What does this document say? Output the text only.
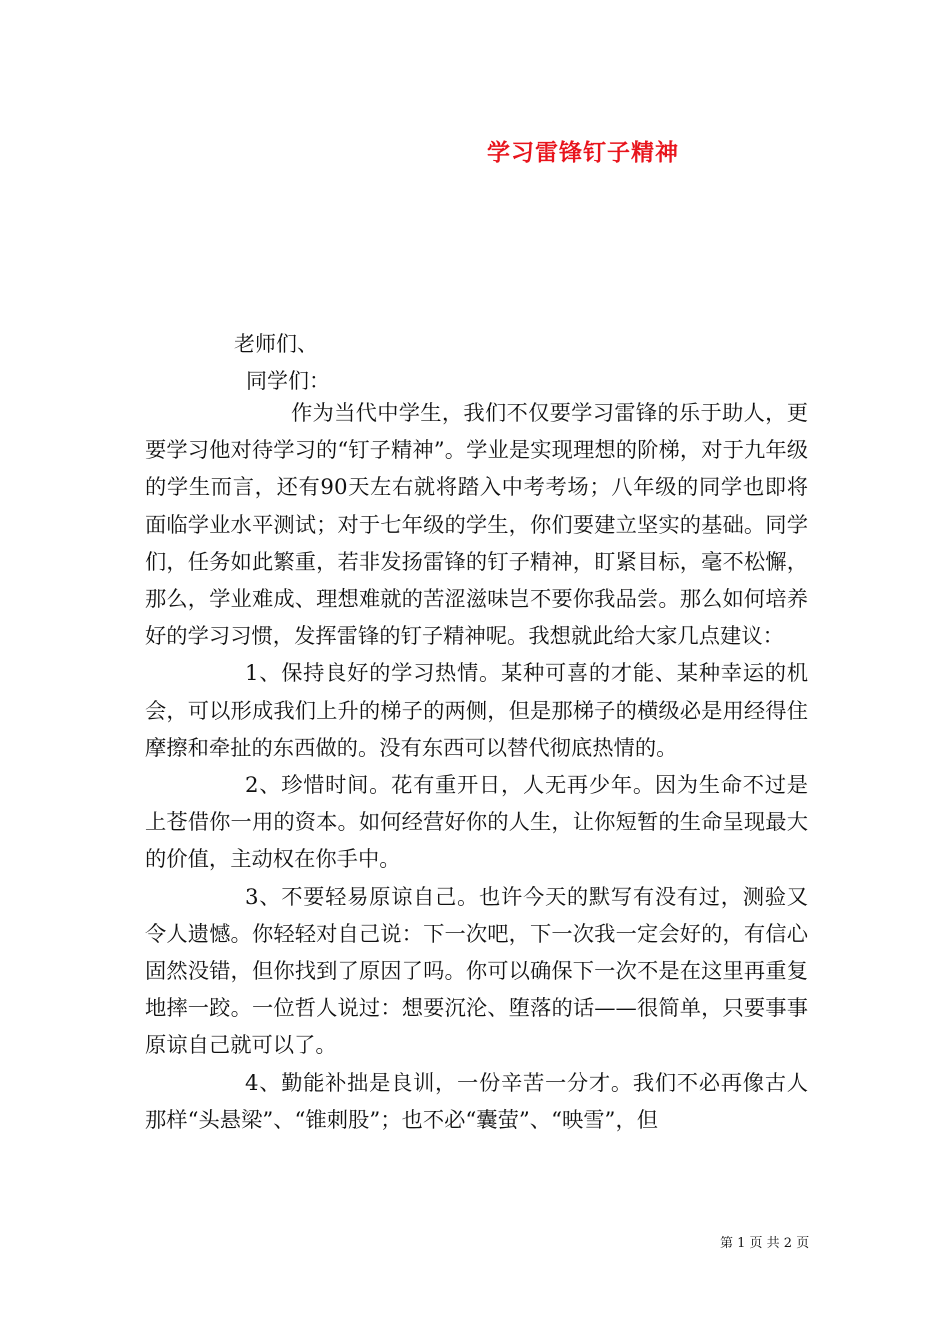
学习雷锋钉子精神
老师们、
同学们：

作为当代中学生，我们不仅要学习雷锋的乐于助人，更要学习他对待学习的“钉子精神”。学业是实现理想的阶梯，对于九年级的学生而言，还有90天左右就将踏入中考考场；八年级的同学也即将面临学业水平测试；对于七年级的学生，你们要建立坚实的基础。同学们，任务如此繁重，若非发扬雷锋的钉子精神，盯紧目标，毫不松懈，那么，学业难成、理想难就的苦涩滋味岂不要你我品尝。那么如何培养好的学习习惯，发挥雷锋的钉子精神呢。我想就此给大家几点建议：

1、保持良好的学习热情。某种可喜的才能、某种幸运的机会，可以形成我们上升的梯子的两侧，但是那梯子的横级必是用经得住摩擦和牵扯的东西做的。没有东西可以替代彻底热情的。

2、珍惜时间。花有重开日，人无再少年。因为生命不过是上苍借你一用的资本。如何经营好你的人生，让你短暂的生命呈现最大的价值，主动权在你手中。

3、不要轻易原谅自己。也许今天的默写有没有过，测验又令人遗憾。你轻轻对自己说：下一次吧，下一次我一定会好的，有信心固然没错，但你找到了原因了吗。你可以确保下一次不是在这里再重复地摔一跤。一位哲人说过：想要沉沦、堕落的话——很简单，只要事事原谅自己就可以了。

4、勤能补拙是良训，一份辛苦一分才。我们不必再像古人那样“头悬梁”、“锥刺股”；也不必“囊萤”、“映雪”，但

第 1 页 共 2 页
